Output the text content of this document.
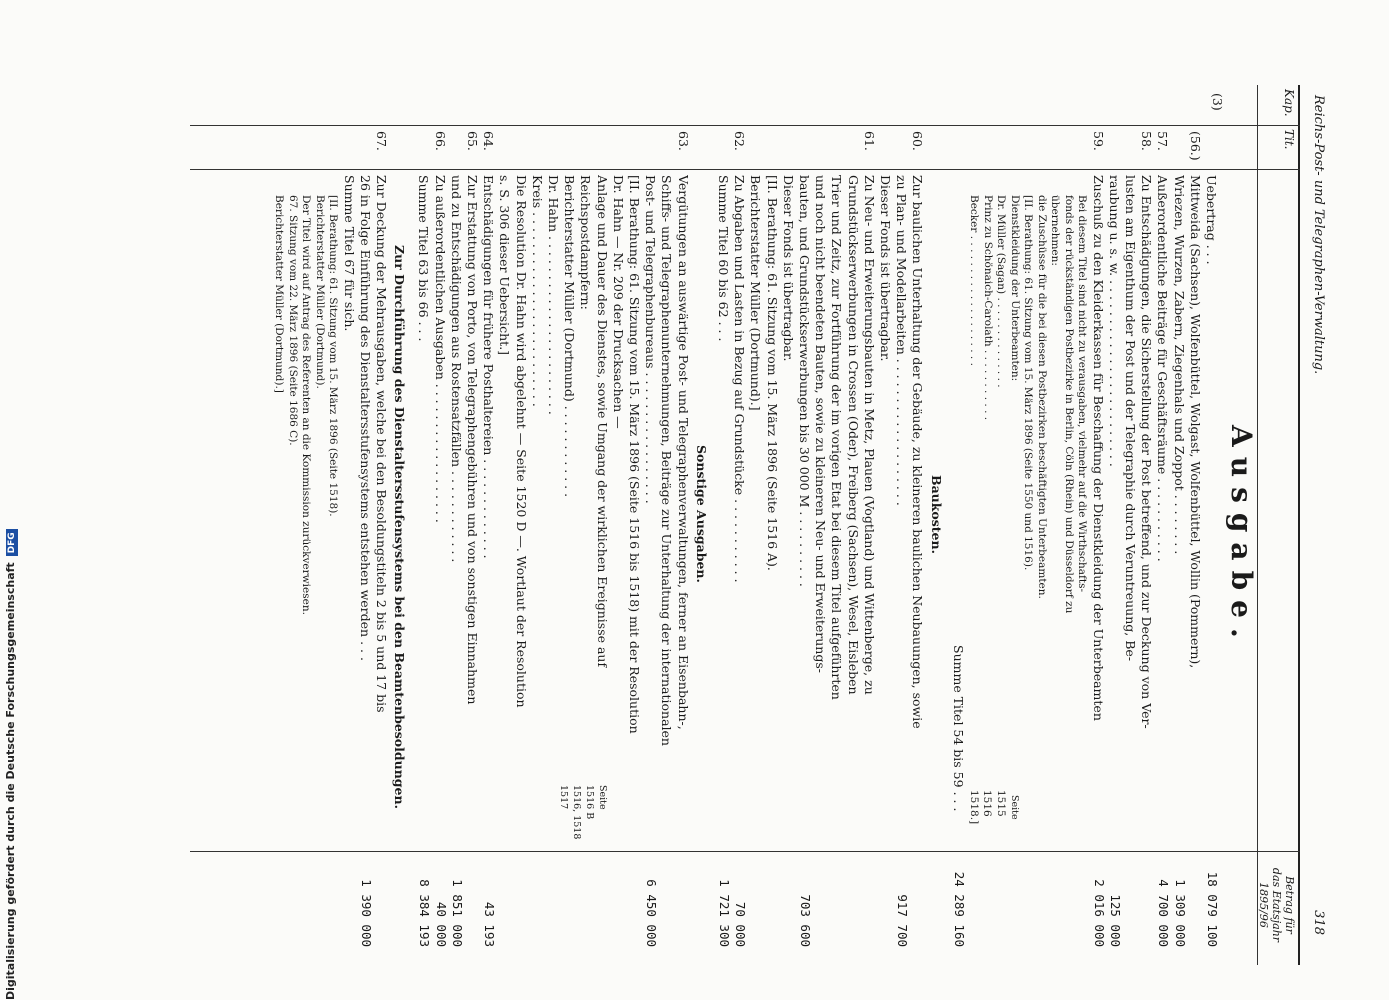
Reichs-Post- und Telegraphen-Verwaltung.
318
Kap.
Tit.
Betrag für
das Etatsjahr
1895/96
Ausgabe.
(3)
Uebertrag . . .
18 079 100
(56.)
Mittweida (Sachsen), Wolfenbüttel, Wolgast, Wolfenbüttel, Wollin (Pommern),
Wriezen, Wurzen, Zabern, Ziegenhals und Zoppot . . . . . . . .
1 309 000
57.
Außerordentliche Beiträge für Geschäftsräume . . . . . . . . . . .
4 700 000
58.
Zu Entschädigungen, die Sicherstellung der Post betreffend, und zur Deckung von Ver-
lusten am Eigenthum der Post und der Telegraphie durch Veruntreuung, Be-
raubung u. s. w. . . . . . . . . . . . . . . . . . . . . . . . .
125 000
59.
Zuschuß zu den Kleiderkassen für Beschaffung der Dienstkleidung der Unterbeamten
2 016 000
Bei diesem Titel sind nicht zu verausgaben, vielmehr auf die Wirthschafts-
fonds der rückständigen Postbezirke in Berlin, Cöln (Rhein) und Düsseldorf zu
übernehmen:
die Zuschüsse für die bei diesen Postbezirken beschäftigten Unterbeamten.
[II. Berathung: 61. Sitzung vom 15. März 1896 (Seite 1550 und 1516).
Dienstkleidung der Unterbeamten:
Dr. Müller (Sagan) . . . . . . . . . . . . . .
Prinz zu Schönaich-Carolath . . . . . . . . . . .
Becker . . . . . . . . . . . . . . . . . . . .
Seite
1515
1516
1518.]
Summe Titel 54 bis 59 . . .
24 289 160
Baukosten.
60.
Zur baulichen Unterhaltung der Gebäude, zu kleineren baulichen Neubauungen, sowie
zu Plan- und Modellarbeiten . . . . . . . . . . . . . . . . . . .
917 700
Dieser Fonds ist übertragbar.
61.
Zu Neu- und Erweiterungsbauten in Metz, Plauen (Vogtland) und Wittenberge, zu
Grundstückserwerbungen in Crossen (Oder), Freiberg (Sachsen), Wesel, Eisleben
Trier und Zeitz, zur Fortführung der im vorigen Etat bei diesem Titel aufgeführten
und noch nicht beendeten Bauten, sowie zu kleineren Neu- und Erweiterungs-
bauten, und Grundstückserwerbungen bis 30 000 M . . . . . . . . . .
703 600
Dieser Fonds ist übertragbar.
[II. Berathung: 61. Sitzung vom 15. März 1896 (Seite 1516 A).
Berichterstatter Müller (Dortmund).]
62.
Zu Abgaben und Lasten in Bezug auf Grundstücke . . . . . . . . . . .
70 000
Summe Titel 60 bis 62 . . .
1 721 300
Sonstige Ausgaben.
63.
Vergütungen an auswärtige Post- und Telegraphenverwaltungen, ferner an Eisenbahn-,
Schiffs- und Telegraphenunternehmungen, Beiträge zur Unterhaltung der internationalen
Post- und Telegraphenbureaus . . . . . . . . . . . . . . . . .
6 450 000
[II. Berathung: 61. Sitzung vom 15. März 1896 (Seite 1516 bis 1518) mit der Resolution
Dr. Hahn — Nr. 209 der Drucksachen —
Anlage und Dauer des Dienstes, sowie Umgang der wirklichen Ereignisse auf
Reichspostdampfern:
Berichterstatter Müller (Dortmund) . . . . . . . . . . . .
Dr. Hahn . . . . . . . . . . . . . . . . . . . . . . .
Kreis . . . . . . . . . . . . . . . . . . . . . . . . .
Die Resolution Dr. Hahn wird abgelehnt — Seite 1520 D —. Wortlaut der Resolution
s. S. 306 dieser Uebersicht.]
64.
Entschädigungen für frühere Posthaltereien . . . . . . . . . . . . .
43 193
65.
Zur Erstattung von Porto, von Telegraphengebühren und von sonstigen Einnahmen
und zu Entschädigungen aus Rostensatzfällen . . . . . . . . . . . .
1 851 000
66.
Zu außerordentlichen Ausgaben . . . . . . . . . . . . . . . . . .
40 000
Summe Titel 63 bis 66 . . .
8 384 193
Seite
1516 B
1516, 1518
1517
Zur Durchführung des Dienstaltersstufensystems bei den Beamtenbesoldungen.
67.
Zur Deckung der Mehrausgaben, welche bei den Besoldungstiteln 2 bis 5 und 17 bis
26 in Folge Einführung des Dienstaltersstufensystems entstehen werden . . .
1 390 000
Summe Titel 67 für sich.
[II. Berathung: 61. Sitzung vom 15. März 1896 (Seite 1518).
Berichterstatter Müller (Dortmund).
Der Titel wird auf Antrag des Referenten an die Kommission zurückverwiesen.
67. Sitzung vom 22. März 1896 (Seite 1686 C).
Berichterstatter Müller (Dortmund).]
Digitalisierung gefördert durch die Deutsche ForschungsgemeinschaftDFG
